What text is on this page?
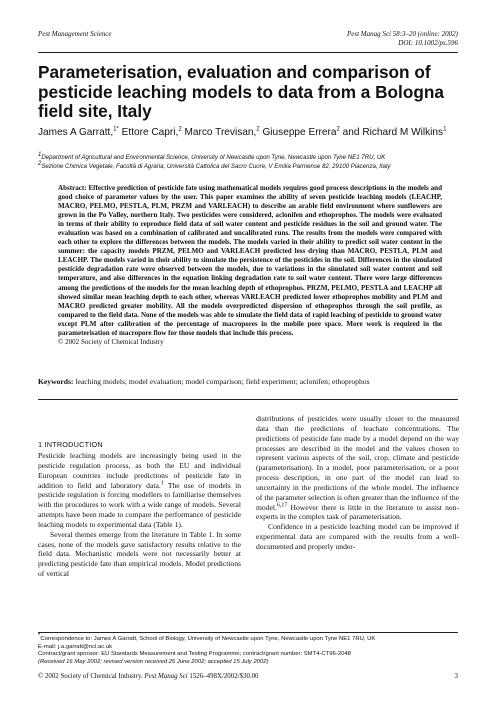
Pest Management Science	Pest Manag Sci 58:3–20 (online: 2002)
DOI: 10.1002/ps.596
Parameterisation, evaluation and comparison of pesticide leaching models to data from a Bologna field site, Italy
James A Garratt,$^{1*}$ Ettore Capri,$^2$ Marco Trevisan,$^2$ Giuseppe Errera$^2$ and Richard M Wilkins$^1$
$^1$Department of Agricultural and Environmental Science, University of Newcastle upon Tyne, Newcastle upon Tyne NE1 7RU, UK
$^2$Sezione Chimica Vegetale, Facoltà di Agraria, Università Cattolica del Sacro Cuore, V Emilia Parmense 82, 29100 Piacenza, Italy
Abstract: Effective prediction of pesticide fate using mathematical models requires good process descriptions in the models and good choice of parameter values by the user. This paper examines the ability of seven pesticide leaching models (LEACHP, MACRO, PELMO, PESTLA, PLM, PRZM and VARLEACH) to describe an arable field environment where sunflowers are grown in the Po Valley, northern Italy. Two pesticides were considered, aclonifen and ethoprophos. The models were evaluated in terms of their ability to reproduce field data of soil water content and pesticide residues in the soil and ground water. The evaluation was based on a combination of calibrated and uncalibrated runs. The results from the models were compared with each other to explore the differences between the models. The models varied in their ability to predict soil water content in the summer: the capacity models PRZM, PELMO and VARLEACH predicted less drying than MACRO, PESTLA, PLM and LEACHP. The models varied in their ability to simulate the persistence of the pesticides in the soil. Differences in the simulated pesticide degradation rate were observed between the models, due to variations in the simulated soil water content and soil temperature, and also differences in the equation linking degradation rate to soil water content. There were large differences among the predictions of the models for the mean leaching depth of ethoprophos. PRZM, PELMO, PESTLA and LEACHP all showed similar mean leaching depth to each other, whereas VARLEACH predicted lower ethoprophos mobility and PLM and MACRO predicted greater mobility. All the models overpredicted dispersion of ethoprophos through the soil profile, as compared to the field data. None of the models was able to simulate the field data of rapid leaching of pesticide to ground water except PLM after calibration of the percentage of macropores in the mobile pore space. More work is required in the parameterisation of macropore flow for those models that include this process.
© 2002 Society of Chemical Industry
Keywords: leaching models; model evaluation; model comparison; field experiment; aclonifen; ethoprophos
1 INTRODUCTION

Pesticide leaching models are increasingly being used in the pesticide regulation process, as both the EU and individual European countries include predictions of pesticide fate in addition to field and laboratory data.$^1$ The use of models in pesticide regulation is forcing modellers to familiarise themselves with the procedures to work with a wide range of models. Several attempts have been made to compare the performance of pesticide leaching models to experimental data (Table 1).

Several themes emerge from the literature in Table 1. In some cases, none of the models gave satisfactory results relative to the field data. Mechanistic models were not necessarily better at predicting pesticide fate than empirical models. Model predictions of vertical

distributions of pesticides were usually closer to the measured data than the predictions of leachate concentrations. The predictions of pesticide fate made by a model depend on the way processes are described in the model and the values chosen to represent various aspects of the soil, crop, climate and pesticide (parameterisation). In a model, poor parameterisation, or a poor process description, in one part of the model can lead to uncertainty in the predictions of the whole model. The influence of the parameter selection is often greater than the influence of the model.$^{6,17}$ However there is little in the literature to assist non-experts in the complex task of parameterisation.

Confidence in a pesticide leaching model can be improved if experimental data are compared with the results from a well-documented and properly under-

*Correspondence to: James A Garratt, School of Biology, University of Newcastle upon Tyne, Newcastle upon Tyne NE1 7RU, UK
E-mail: j.a.garratt@ncl.ac.uk
Contract/grant sponsor: EU Standards Measurement and Testing Programme; contract/grant number: SMT4-CT96-2048
(Received 16 May 2002; revised version received 25 June 2002; accepted 15 July 2002)
© 2002 Society of Chemical Industry. Pest Manag Sci 1526–498X/2002/$30.00	3
